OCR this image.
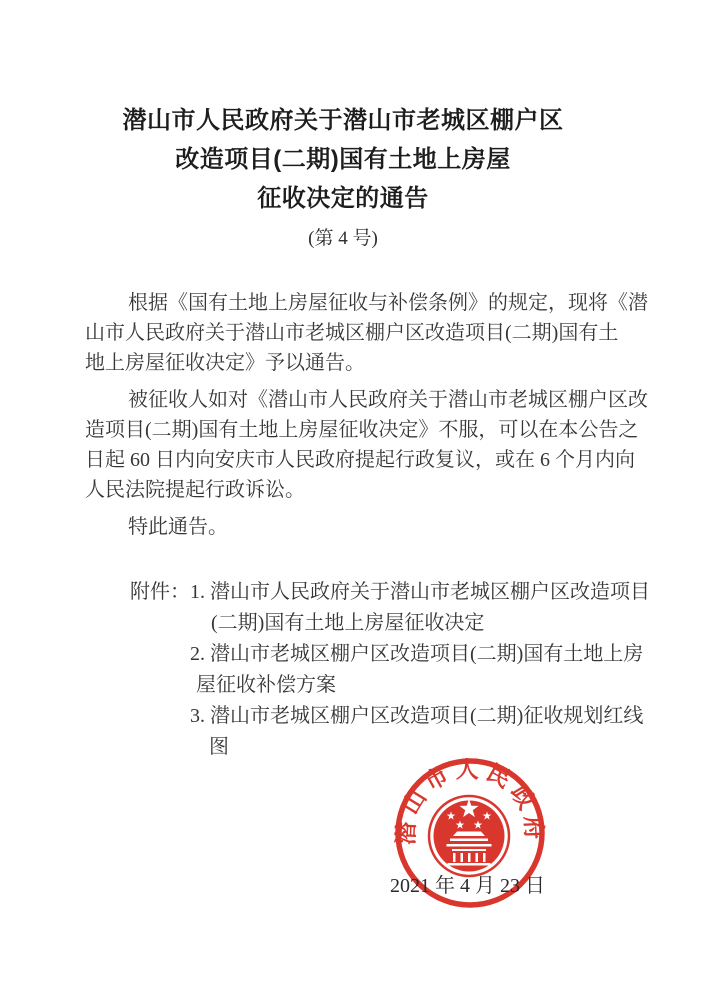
潜山市人民政府关于潜山市老城区棚户区
改造项目(二期)国有土地上房屋
征收决定的通告
(第 4 号)

根据《国有土地上房屋征收与补偿条例》的规定，现将《潜
山市人民政府关于潜山市老城区棚户区改造项目(二期)国有土
地上房屋征收决定》予以通告。

被征收人如对《潜山市人民政府关于潜山市老城区棚户区改
造项目(二期)国有土地上房屋征收决定》不服，可以在本公告之
日起 60 日内向安庆市人民政府提起行政复议，或在 6 个月内向
人民法院提起行政诉讼。

特此通告。

附件：1. 潜山市人民政府关于潜山市老城区棚户区改造项目
(二期)国有土地上房屋征收决定
2. 潜山市老城区棚户区改造项目(二期)国有土地上房
屋征收补偿方案
3. 潜山市老城区棚户区改造项目(二期)征收规划红线
图
潜山市人民政府
2021 年 4 月 23 日
